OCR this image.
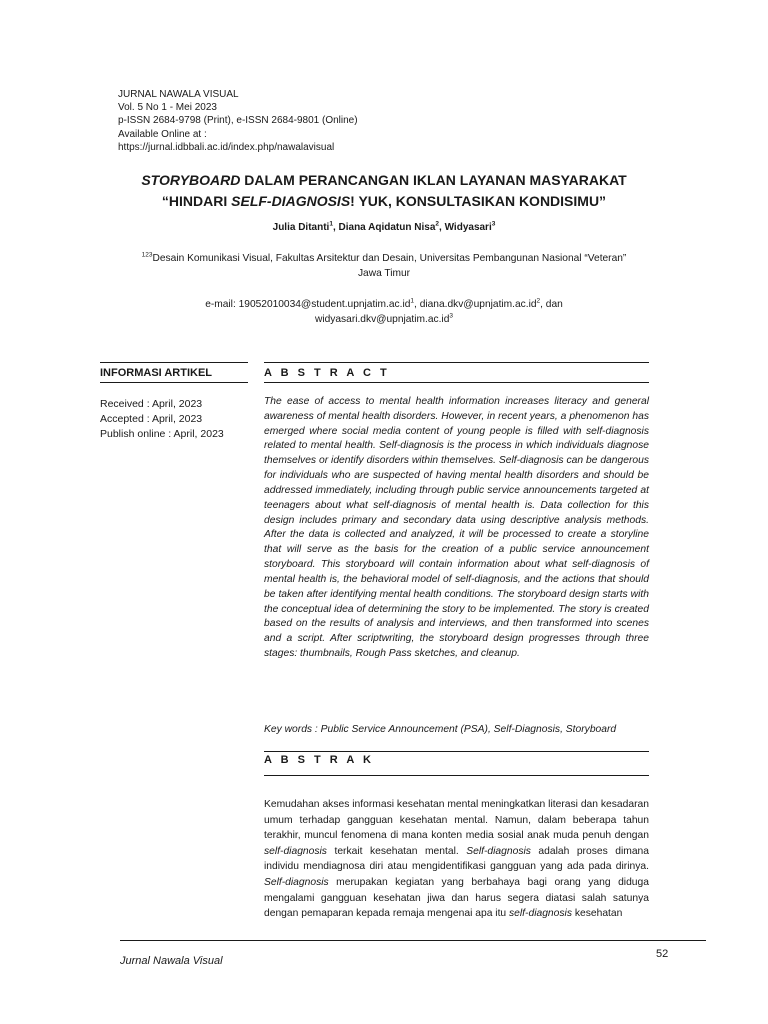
JURNAL NAWALA VISUAL
Vol. 5 No 1 - Mei 2023
p-ISSN 2684-9798 (Print), e-ISSN 2684-9801 (Online)
Available Online at :
https://jurnal.idbbali.ac.id/index.php/nawalavisual
STORYBOARD DALAM PERANCANGAN IKLAN LAYANAN MASYARAKAT
“HINDARI SELF-DIAGNOSIS! YUK, KONSULTASIKAN KONDISIMU”
Julia Ditanti$^1$, Diana Aqidatun Nisa$^2$, Widyasari$^3$
$^{123}$Desain Komunikasi Visual, Fakultas Arsitektur dan Desain, Universitas Pembangunan Nasional “Veteran”
Jawa Timur
e-mail: $19052010034@student.upnjatim.ac.id^1$, $diana.dkv@upnjatim.ac.id^2$, dan
$widyasari.dkv@upnjatim.ac.id^3$
INFORMASI ARTIKEL	A B S T R A C T
Received : April, 2023
Accepted : April, 2023
Publish online : April, 2023

The ease of access to mental health information increases literacy and general awareness of mental health disorders. However, in recent years, a phenomenon has emerged where social media content of young people is filled with self-diagnosis related to mental health. Self-diagnosis is the process in which individuals diagnose themselves or identify disorders within themselves. Self-diagnosis can be dangerous for individuals who are suspected of having mental health disorders and should be addressed immediately, including through public service announcements targeted at teenagers about what self-diagnosis of mental health is. Data collection for this design includes primary and secondary data using descriptive analysis methods. After the data is collected and analyzed, it will be processed to create a storyline that will serve as the basis for the creation of a public service announcement storyboard. This storyboard will contain information about what self-diagnosis of mental health is, the behavioral model of self-diagnosis, and the actions that should be taken after identifying mental health conditions. The storyboard design starts with the conceptual idea of determining the story to be implemented. The story is created based on the results of analysis and interviews, and then transformed into scenes and a script. After scriptwriting, the storyboard design progresses through three stages: thumbnails, Rough Pass sketches, and cleanup.

Key words : Public Service Announcement (PSA), Self-Diagnosis, Storyboard
A B S T R A K

Kemudahan akses informasi kesehatan mental meningkatkan literasi dan kesadaran umum terhadap gangguan kesehatan mental. Namun, dalam beberapa tahun terakhir, muncul fenomena di mana konten media sosial anak muda penuh dengan self-diagnosis terkait kesehatan mental. Self-diagnosis adalah proses dimana individu mendiagnosa diri atau mengidentifikasi gangguan yang ada pada dirinya. Self-diagnosis merupakan kegiatan yang berbahaya bagi orang yang diduga mengalami gangguan kesehatan jiwa dan harus segera diatasi salah satunya dengan pemaparan kepada remaja mengenai apa itu self-diagnosis kesehatan

Jurnal Nawala Visual
52
